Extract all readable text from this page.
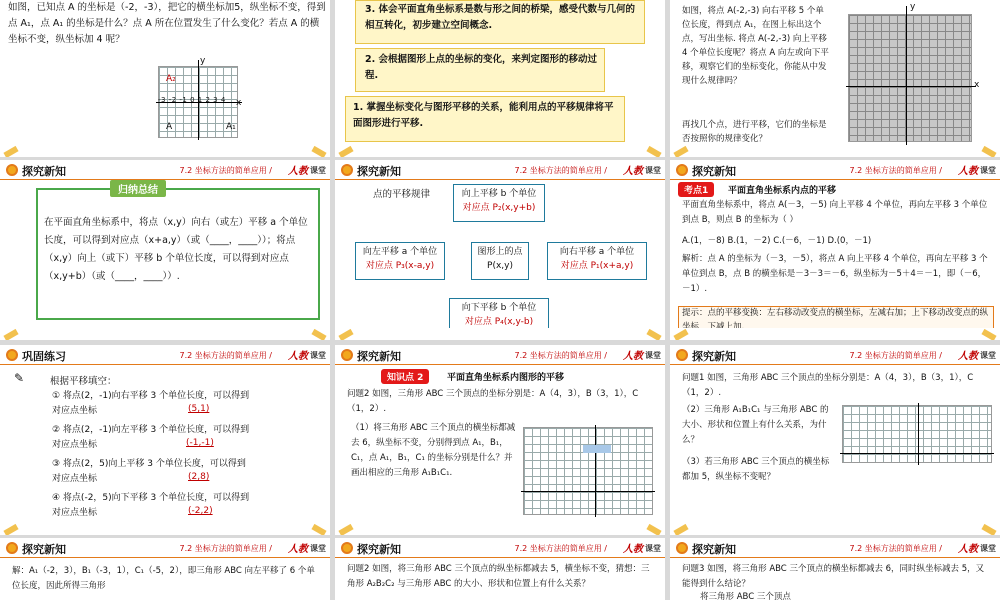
如图，已知点 A 的坐标是（-2，-3），把它的横坐标加5，纵坐标不变，得到点 A₁，点 A₁ 的坐标是什么？点 A 所在位置发生了什么变化？若点 A 的横坐标不变，纵坐标加 4 呢？
x
y
-3 -2 -1 0 1 2 3 4
A₂
A	A₁
3. 体会平面直角坐标系是数与形之间的桥梁，感受代数与几何的相互转化，初步建立空间概念.
2. 会根据图形上点的坐标的变化，来判定图形的移动过程.
1. 掌握坐标变化与图形平移的关系，能利用点的平移规律将平面图形进行平移.
如图，将点 A(-2,-3) 向右平移 5 个单位长度，得到点 A₁，在图上标出这个点，写出坐标. 将点 A(-2,-3) 向上平移 4 个单位长度呢？将点 A 向左或向下平移，观察它们的坐标变化，你能从中发现什么规律吗？
再找几个点，进行平移，它们的坐标是否按照你的规律变化？
x
y
探究新知	7.2 坐标方法的简单应用 / 人教 课堂
归纳总结
在平面直角坐标系中，将点（x,y）向右（或左）平移 a 个单位长度，可以得到对应点（x+a,y）（或（____，____））；将点（x,y）向上（或下）平移 b 个单位长度，可以得到对应点（x,y+b）（或（____，____））.
探究新知	7.2 坐标方法的简单应用 / 人教 课堂
点的平移规律	向上平移 b 个单位
对应点 P₂(x,y+b)
向左平移 a 个单位
对应点 P₃(x-a,y)
图形上的点 P(x,y)
向右平移 a 个单位
对应点 P₁(x+a,y)
向下平移 b 个单位
对应点 P₄(x,y-b)
探究新知	7.2 坐标方法的简单应用 / 人教 课堂
考点1	平面直角坐标系内点的平移
平面直角坐标系中，将点 A(－3，－5) 向上平移 4 个单位，再向左平移 3 个单位到点 B，则点 B 的坐标为（ ）
A.(1，－8) B.(1，－2) C.(－6，－1) D.(0，－1)
解析：点 A 的坐标为（－3，－5），将点 A 向上平移 4 个单位，再向左平移 3 个单位到点 B，点 B 的横坐标是－3－3＝－6，纵坐标为－5＋4＝－1，即（－6，－1）.
提示：点的平移变换：左右移动改变点的横坐标，左减右加；上下移动改变点的纵
巩固练习	7.2 坐标方法的简单应用 / 人教 课堂
✎	根据平移填空：
① 将点(2，-1)向右平移 3 个单位长度，可以得到对应点坐标	(5,1)
② 将点(2，-1)向左平移 3 个单位长度，可以得到对应点坐标	(-1,-1)
③ 将点(2，5)向上平移 3 个单位长度，可以得到对应点坐标	(2,8)
④ 将点(-2，5)向下平移 3 个单位长度，可以得到对应点坐标	(-2,2)
探究新知	7.2 坐标方法的简单应用 / 人教 课堂
知识点 2	平面直角坐标系内图形的平移
问题2 如图，三角形 ABC 三个顶点的坐标分别是：A（4，3），B（3，1），C（1，2）.
（1）将三角形 ABC 三个顶点的横坐标都减去 6，纵坐标不变，分别得到点 A₁，B₁，C₁，点 A₁，B₁，C₁ 的坐标分别是什么？并画出相应的三角形 A₁B₁C₁.
探究新知	7.2 坐标方法的简单应用 / 人教 课堂
问题1 如图，三角形 ABC 三个顶点的坐标分别是：A（4，3），B（3，1），C（1，2）.
（2）三角形 A₁B₁C₁ 与三角形 ABC 的大小、形状和位置上有什么关系，为什么？
（3）若三角形 ABC 三个顶点的横坐标都加 5，纵坐标不变呢？
探究新知	7.2 坐标方法的简单应用 / 人教 课堂
解：A₁（-2，3），B₁（-3，1），C₁（-5，2），即三角形 ABC 向左平移了 6 个单位长度，因此所得三角形
探究新知	7.2 坐标方法的简单应用 / 人教 课堂
问题2 如图，将三角形 ABC 三个顶点的纵坐标都减去 5，横坐标不变，猜想：三角形 A₂B₂C₂ 与三角形 ABC 的大小、形状和位置上有什么关系？
探究新知	7.2 坐标方法的简单应用 / 人教 课堂
问题3 如图，将三角形 ABC 三个顶点的横坐标都减去 6，同时纵坐标减去 5，又能得到什么结论？
将三角形 ABC 三个顶点
